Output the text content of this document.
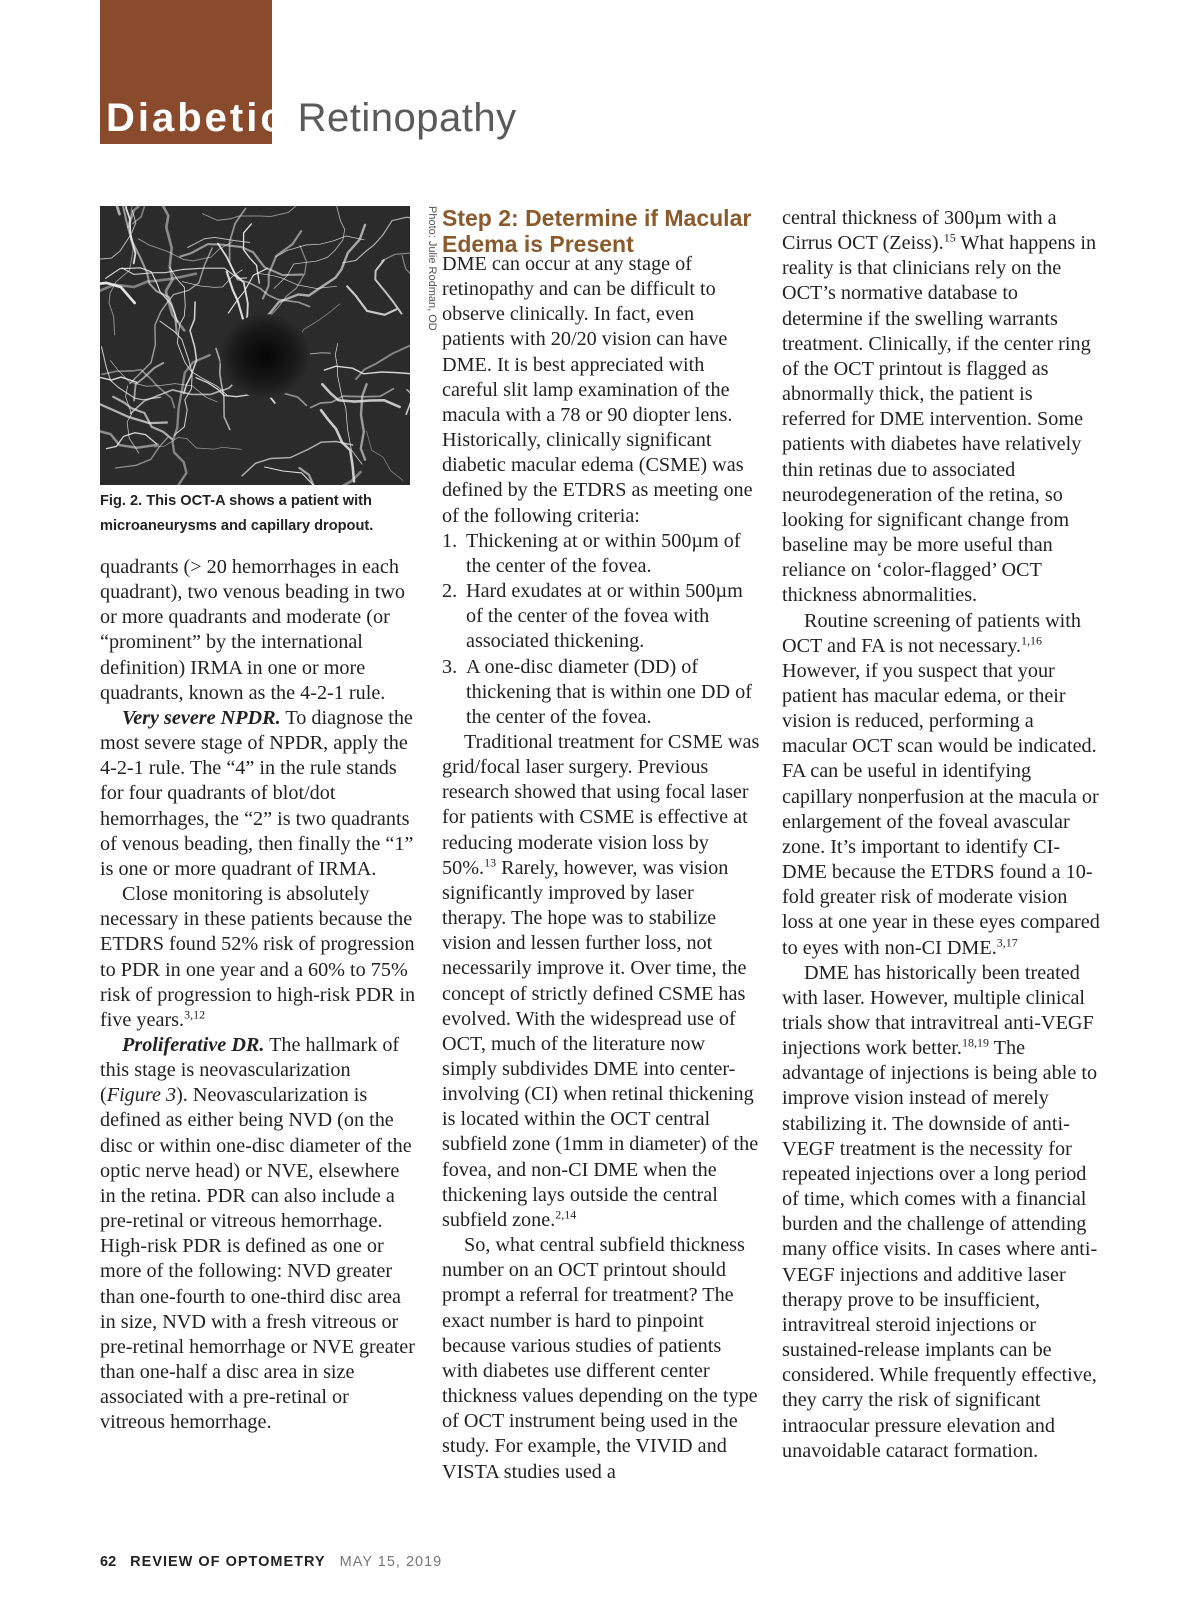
Diabetic Retinopathy
Photo: Julie Rodman, OD
Fig. 2. This OCT-A shows a patient with microaneurysms and capillary dropout.

quadrants (> 20 hemorrhages in each quadrant), two venous beading in two or more quadrants and moderate (or “prominent” by the international definition) IRMA in one or more quadrants, known as the 4-2-1 rule.

Very severe NPDR. To diagnose the most severe stage of NPDR, apply the 4-2-1 rule. The “4” in the rule stands for four quadrants of blot/dot hemorrhages, the “2” is two quadrants of venous beading, then finally the “1” is one or more quadrant of IRMA.

Close monitoring is absolutely necessary in these patients because the ETDRS found 52% risk of progression to PDR in one year and a 60% to 75% risk of progression to high-risk PDR in five years.$^{3,12}$

Proliferative DR. The hallmark of this stage is neovascularization (Figure 3). Neovascularization is defined as either being NVD (on the disc or within one-disc diameter of the optic nerve head) or NVE, elsewhere in the retina. PDR can also include a pre-retinal or vitreous hemorrhage. High-risk PDR is defined as one or more of the following: NVD greater than one-fourth to one-third disc area in size, NVD with a fresh vitreous or pre-retinal hemorrhage or NVE greater than one-half a disc area in size associated with a pre-retinal or vitreous hemorrhage.

Step 2: Determine if Macular Edema is Present

DME can occur at any stage of retinopathy and can be difficult to observe clinically. In fact, even patients with 20/20 vision can have DME. It is best appreciated with careful slit lamp examination of the macula with a 78 or 90 diopter lens. Historically, clinically significant diabetic macular edema (CSME) was defined by the ETDRS as meeting one of the following criteria:

1. Thickening at or within 500µm of the center of the fovea.
2. Hard exudates at or within 500µm of the center of the fovea with associated thickening.
3. A one-disc diameter (DD) of thickening that is within one DD of the center of the fovea.

Traditional treatment for CSME was grid/focal laser surgery. Previous research showed that using focal laser for patients with CSME is effective at reducing moderate vision loss by 50%.$^{13}$ Rarely, however, was vision significantly improved by laser therapy. The hope was to stabilize vision and lessen further loss, not necessarily improve it. Over time, the concept of strictly defined CSME has evolved. With the widespread use of OCT, much of the literature now simply subdivides DME into center-involving (CI) when retinal thickening is located within the OCT central subfield zone (1mm in diameter) of the fovea, and non-CI DME when the thickening lays outside the central subfield zone.$^{2,14}$

So, what central subfield thickness number on an OCT printout should prompt a referral for treatment? The exact number is hard to pinpoint because various studies of patients with diabetes use different center thickness values depending on the type of OCT instrument being used in the study. For example, the VIVID and VISTA studies used a

central thickness of 300µm with a Cirrus OCT (Zeiss).$^{15}$ What happens in reality is that clinicians rely on the OCT’s normative database to determine if the swelling warrants treatment. Clinically, if the center ring of the OCT printout is flagged as abnormally thick, the patient is referred for DME intervention. Some patients with diabetes have relatively thin retinas due to associated neurodegeneration of the retina, so looking for significant change from baseline may be more useful than reliance on ‘color-flagged’ OCT thickness abnormalities.

Routine screening of patients with OCT and FA is not necessary.$^{1,16}$ However, if you suspect that your patient has macular edema, or their vision is reduced, performing a macular OCT scan would be indicated. FA can be useful in identifying capillary nonperfusion at the macula or enlargement of the foveal avascular zone. It’s important to identify CI-DME because the ETDRS found a 10-fold greater risk of moderate vision loss at one year in these eyes compared to eyes with non-CI DME.$^{3,17}$

DME has historically been treated with laser. However, multiple clinical trials show that intravitreal anti-VEGF injections work better.$^{18,19}$ The advantage of injections is being able to improve vision instead of merely stabilizing it. The downside of anti-VEGF treatment is the necessity for repeated injections over a long period of time, which comes with a financial burden and the challenge of attending many office visits. In cases where anti-VEGF injections and additive laser therapy prove to be insufficient, intravitreal steroid injections or sustained-release implants can be considered. While frequently effective, they carry the risk of significant intraocular pressure elevation and unavoidable cataract formation.

62 REVIEW OF OPTOMETRY MAY 15, 2019
